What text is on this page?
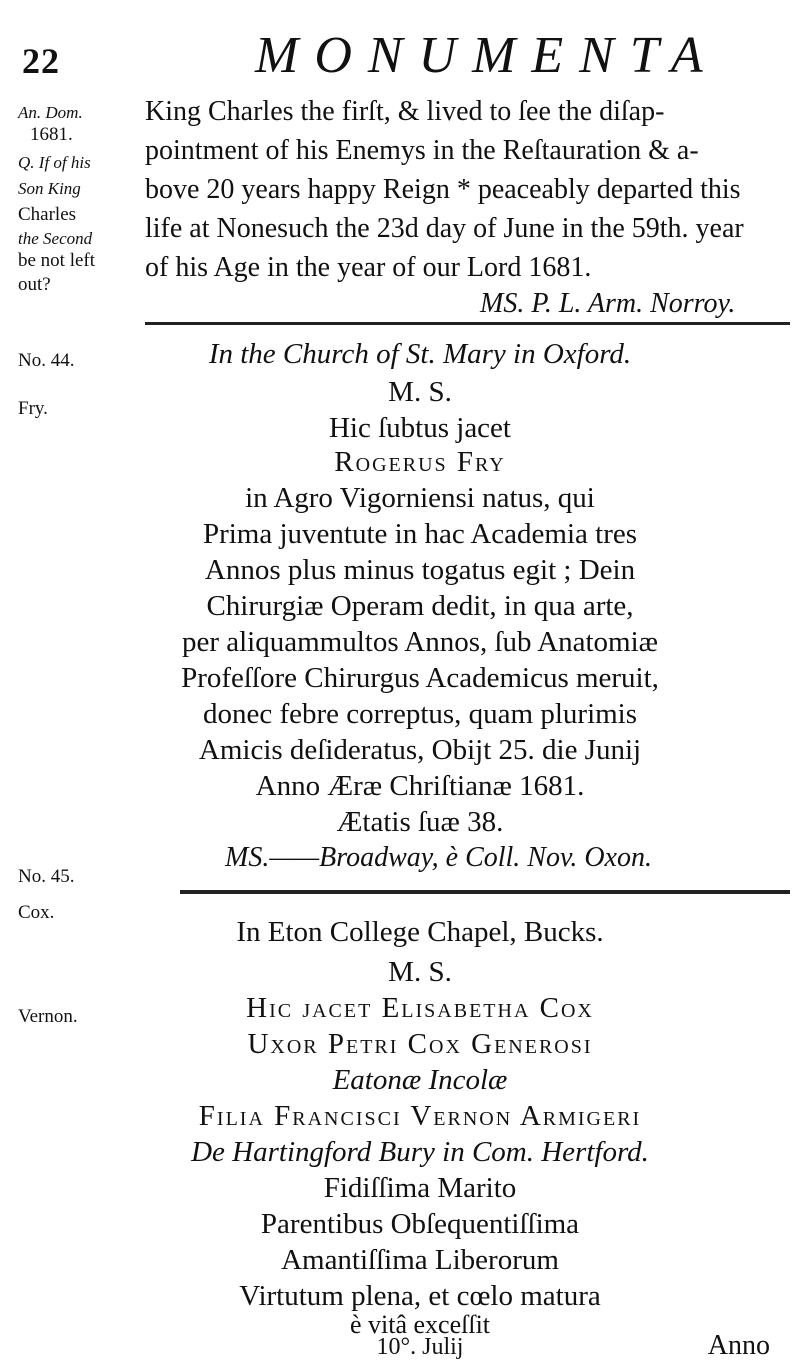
22	MONUMENTA
An. Dom.
1681.
Q. If of his
Son King
Charles
the Second
be not left
out?
No. 44.
Fry.
No. 45.
Cox.
Vernon.
King Charles the firſt, & lived to ſee the diſap-
pointment of his Enemys in the Reſtauration & a-
bove 20 years happy Reign * peaceably departed this
life at Nonesuch the 23d day of June in the 59th. year
of his Age in the year of our Lord 1681.
MS. P. L. Arm. Norroy.
In the Church of St. Mary in Oxford.
M. S.
Hic ſubtus jacet
Rogerus Fry
in Agro Vigorniensi natus, qui
Prima juventute in hac Academia tres
Annos plus minus togatus egit ; Dein
Chirurgiæ Operam dedit, in qua arte,
per aliquammultos Annos, ſub Anatomiæ
Profeſſore Chirurgus Academicus meruit,
donec febre correptus, quam plurimis
Amicis deſideratus, Obijt 25. die Junij
Anno Æræ Chriſtianæ 1681.
Ætatis ſuæ 38.
MS.——Broadway, è Coll. Nov. Oxon.
In Eton College Chapel, Bucks.
M. S.
Hic jacet Elisabetha Cox
Uxor Petri Cox Generoſi
Eatonæ Incolæ
Filia Francisci Vernon Armigeri
De Hartingford Bury in Com. Hertford.
Fidiſſima Marito
Parentibus Obſequentiſſima
Amantiſſima Liberorum
Virtutum plena, et cœlo matura
è vitâ exceſſit
10°. Julij	Anno
